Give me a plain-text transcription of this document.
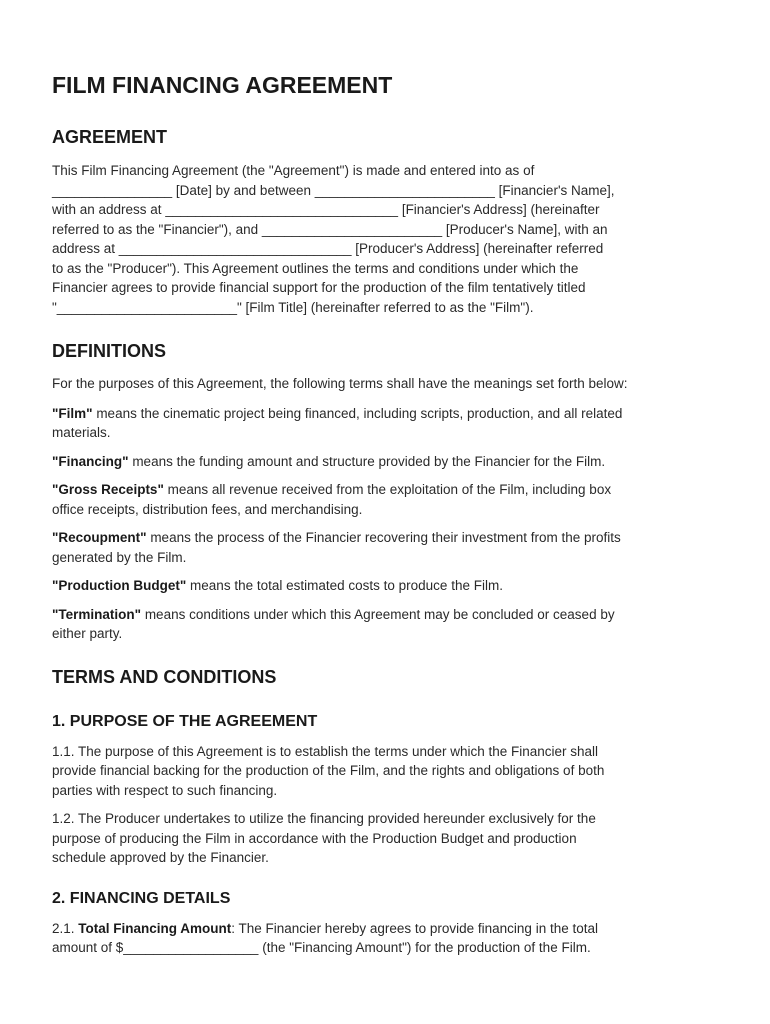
FILM FINANCING AGREEMENT
AGREEMENT

This Film Financing Agreement (the "Agreement") is made and entered into as of
________________ [Date] by and between ________________________ [Financier's Name],
with an address at _______________________________ [Financier's Address] (hereinafter
referred to as the "Financier"), and ________________________ [Producer's Name], with an
address at _______________________________ [Producer's Address] (hereinafter referred
to as the "Producer"). This Agreement outlines the terms and conditions under which the
Financier agrees to provide financial support for the production of the film tentatively titled
"________________________" [Film Title] (hereinafter referred to as the "Film").

DEFINITIONS

For the purposes of this Agreement, the following terms shall have the meanings set forth below:

"Film" means the cinematic project being financed, including scripts, production, and all related
materials.

"Financing" means the funding amount and structure provided by the Financier for the Film.

"Gross Receipts" means all revenue received from the exploitation of the Film, including box
office receipts, distribution fees, and merchandising.

"Recoupment" means the process of the Financier recovering their investment from the profits
generated by the Film.

"Production Budget" means the total estimated costs to produce the Film.

"Termination" means conditions under which this Agreement may be concluded or ceased by
either party.

TERMS AND CONDITIONS
1. PURPOSE OF THE AGREEMENT

1.1. The purpose of this Agreement is to establish the terms under which the Financier shall
provide financial backing for the production of the Film, and the rights and obligations of both
parties with respect to such financing.

1.2. The Producer undertakes to utilize the financing provided hereunder exclusively for the
purpose of producing the Film in accordance with the Production Budget and production
schedule approved by the Financier.

2. FINANCING DETAILS

2.1. Total Financing Amount: The Financier hereby agrees to provide financing in the total
amount of $__________________ (the "Financing Amount") for the production of the Film.
